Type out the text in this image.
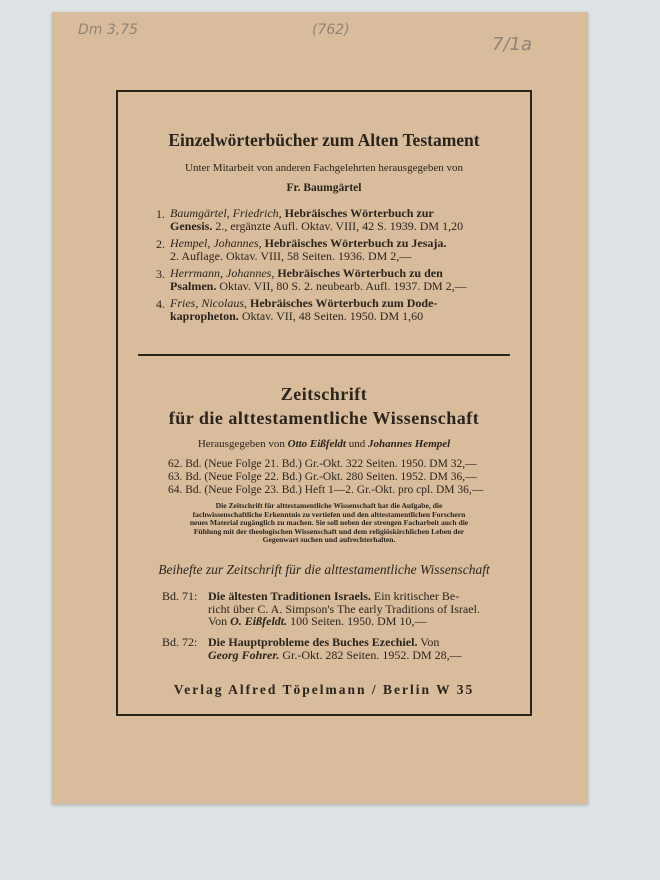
Dm 3,75	(762)
7/1a
Einzelwörterbücher zum Alten Testament
Unter Mitarbeit von anderen Fachgelehrten herausgegeben von
Fr. Baumgärtel
1. Baumgärtel, Friedrich, Hebräisches Wörterbuch zur
Genesis. 2., ergänzte Aufl. Oktav. VIII, 42 S. 1939. DM 1,20
2. Hempel, Johannes, Hebräisches Wörterbuch zu Jesaja.
2. Auflage. Oktav. VIII, 58 Seiten. 1936. DM 2,—
3. Herrmann, Johannes, Hebräisches Wörterbuch zu den
Psalmen. Oktav. VII, 80 S. 2. neubearb. Aufl. 1937. DM 2,—
4. Fries, Nicolaus, Hebräisches Wörterbuch zum Dode-
kapropheton. Oktav. VII, 48 Seiten. 1950. DM 1,60
Zeitschrift
für die alttestamentliche Wissenschaft
Herausgegeben von Otto Eißfeldt und Johannes Hempel
62. Bd. (Neue Folge 21. Bd.) Gr.-Okt. 322 Seiten. 1950. DM 32,—
63. Bd. (Neue Folge 22. Bd.) Gr.-Okt. 280 Seiten. 1952. DM 36,—
64. Bd. (Neue Folge 23. Bd.) Heft 1—2. Gr.-Okt. pro cpl. DM 36,—
Die Zeitschrift für alttestamentliche Wissenschaft hat die Aufgabe, die fachwissenschaftliche Erkenntnis zu vertiefen und den alttestamentlichen Forschern neues Material zugänglich zu machen. Sie soll neben der strengen Facharbeit auch die Fühlung mit der theologischen Wissenschaft und dem religiöskirchlichen Leben der Gegenwart suchen und aufrechterhalten.
Beihefte zur Zeitschrift für die alttestamentliche Wissenschaft
Bd. 71: Die ältesten Traditionen Israels. Ein kritischer Be-
richt über C. A. Simpson's The early Traditions of Israel.
Von O. Eißfeldt. 100 Seiten. 1950. DM 10,—
Bd. 72: Die Hauptprobleme des Buches Ezechiel. Von
Georg Fohrer. Gr.-Okt. 282 Seiten. 1952. DM 28,—
Verlag Alfred Töpelmann / Berlin W 35
